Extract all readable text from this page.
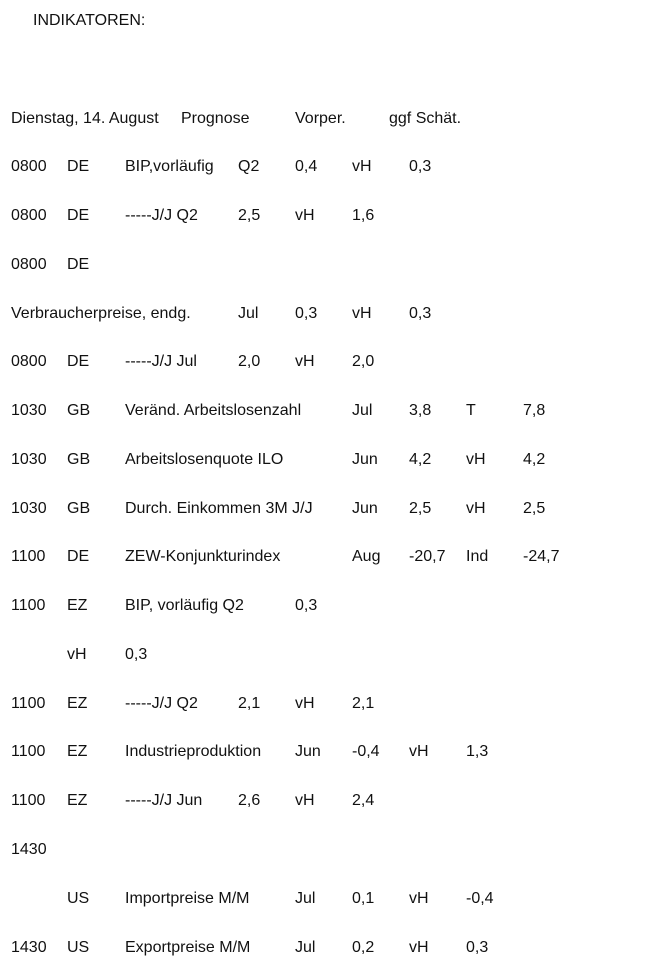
INDIKATOREN:
Dienstag, 14. August Prognose	Vorper.	ggf Schät.
0800 DE BIP,vorläufig Q2 0,4 vH 0,3
0800 DE -----J/J Q2	2,5 vH 1,6
0800 DE
Verbraucherpreise, endg.	Jul 0,3 vH 0,3
0800 DE -----J/J Jul	2,0 vH 2,0
1030 GB Veränd. Arbeitslosenzahl	Jul 3,8 T	7,8
1030 GB Arbeitslosenquote ILO	Jun 4,2 vH 4,2
1030 GB Durch. Einkommen 3M J/J Jun 2,5 vH 2,5
1100 DE ZEW-Konjunkturindex	Aug -20,7 Ind -24,7
1100 EZ BIP, vorläufig Q2	0,3
vH 0,3
1100 EZ -----J/J Q2	2,1 vH 2,1
1100 EZ Industrieproduktion Jun -0,4 vH 1,3
1100 EZ -----J/J Jun 2,6 vH 2,4
1430
US Importpreise M/M	Jul 0,1 vH -0,4
1430 US Exportpreise M/M	Jul 0,2 vH 0,3
